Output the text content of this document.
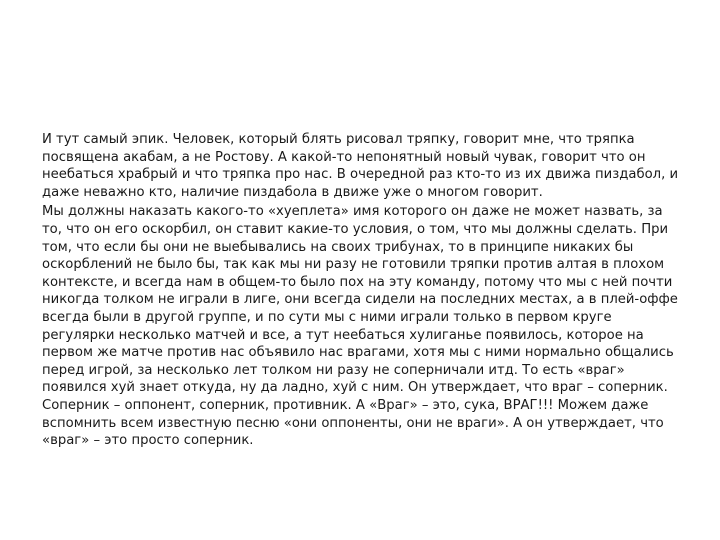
И тут самый эпик. Человек, который блять рисовал тряпку, говорит мне, что тряпка посвящена акабам, а не Ростову. А какой-то непонятный новый чувак, говорит что он неебаться храбрый и что тряпка про нас. В очередной раз кто-то из их движа пиздабол, и даже неважно кто, наличие пиздабола в движе уже о многом говорит.

Мы должны наказать какого-то «хуеплета» имя которого он даже не может назвать, за то, что он его оскорбил, он ставит какие-то условия, о том, что мы должны сделать. При том, что если бы они не выебывались на своих трибунах, то в принципе никаких бы оскорблений не было бы, так как мы ни разу не готовили тряпки против алтая в плохом контексте, и всегда нам в общем-то было пох на эту команду, потому что мы с ней почти никогда толком не играли в лиге, они всегда сидели на последних местах, а в плей-оффе всегда были в другой группе, и по сути мы с ними играли только в первом круге регулярки несколько матчей и все, а тут неебаться хулиганье появилось, которое на первом же матче против нас объявило нас врагами, хотя мы с ними нормально общались перед игрой, за несколько лет толком ни разу не соперничали итд. То есть «враг» появился хуй знает откуда, ну да ладно, хуй с ним. Он утверждает, что враг – соперник. Соперник – оппонент, соперник, противник. А «Враг» – это, сука, ВРАГ!!! Можем даже вспомнить всем известную песню «они оппоненты, они не враги». А он утверждает, что «враг» – это просто соперник.
